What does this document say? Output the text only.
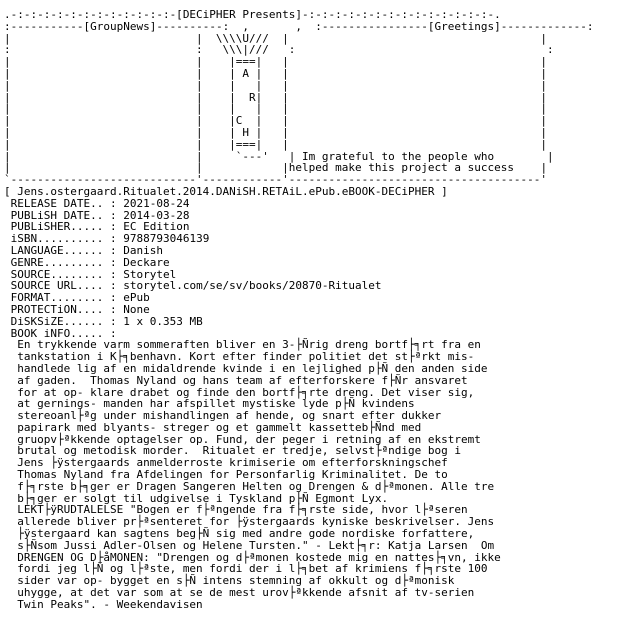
.-:-:-:-:-:-:-:-:-:-:-:-:-[DECiPHER Presents]-:-:-:-:-:-:-:-:-:-:-:-:-:-:-.
:-----------[GroupNews]----------:  ,       ,  :----------------[Greetings]-------------:
|                            |  \\\\U///  |                                      |
:                            :   \\\|///   :                                      :
|                            |    |===|   |                                      |
|                            |    | A |   |                                      |
|                            |    |   |   |                                      |
|                            |    |  R|   |                                      |
|                            |    |   |   |                                      |
|                            |    |C  |   |                                      |
|                            |    | H |   |                                      |
|                            |    |===|   |                                      |
|                            |     `---'   | Im grateful to the people who        |
|                            |            |helped make this project a success    |
`----------------------------'------------'--------------------------------------'
[ Jens.ostergaard.Ritualet.2014.DANiSH.RETAiL.ePub.eBOOK-DECiPHER ]
RELEASE DATE.. : 2021-08-24
PUBLiSH DATE.. : 2014-03-28
PUBLiSHER..... : EC Edition
iSBN.......... : 9788793046139
LANGUAGE...... : Danish
GENRE......... : Deckare
SOURCE........ : Storytel
SOURCE URL.... : storytel.com/se/sv/books/20870-Ritualet
FORMAT........ : ePub
PROTECTiON.... : None
DiSKSiZE...... : 1 x 0.353 MB
BOOK iNFO..... :
En trykkende varm sommeraften bliver en 3-├Ñrig dreng bortf├╕rt fra en
tankstation i K├╕benhavn. Kort efter finder politiet det st├ªrkt mis-
handlede lig af en midaldrende kvinde i en lejlighed p├Ñ den anden side
af gaden.  Thomas Nyland og hans team af efterforskere f├Ñr ansvaret
for at op- klare drabet og finde den bortf├╕rte dreng. Det viser sig,
at gernings- manden har afspillet mystiske lyde p├Ñ kvindens
stereoanl├ªg under mishandlingen af hende, og snart efter dukker
papirark med blyants- streger og et gammelt kassetteb├Ñnd med
gruopv├ªkkende optagelser op. Fund, der peger i retning af en ekstremt
brutal og metodisk morder.  Ritualet er tredje, selvst├ªndige bog i
Jens ├ÿstergaards anmelderroste krimiserie om efterforskningschef
Thomas Nyland fra Afdelingen for Personfarlig Kriminalitet. De to
f├╕rste b├╕ger er Dragen Sangeren Helten og Drengen & d├ªmonen. Alle tre
b├╕ger er solgt til udgivelse i Tyskland p├Ñ Egmont Lyx.
LEKT├ÿRUDTALELSE "Bogen er f├ªngende fra f├╕rste side, hvor l├ªseren
allerede bliver pr├ªsenteret for ├ÿstergaards kyniske beskrivelser. Jens
├ÿstergaard kan sagtens beg├Ñ sig med andre gode nordiske forfattere,
s├Ñsom Jussi Adler-Olsen og Helene Tursten." - Lekt├╕r: Katja Larsen  Om
DRENGEN OG D├åMONEN: "Drengen og d├ªmonen kostede mig en nattes├╕vn, ikke
fordi jeg l├Ñ og l├ªste, men fordi der i l├╕bet af krimiens f├╕rste 100
sider var op- bygget en s├Ñ intens stemning af okkult og d├ªmonisk
uhygge, at det var som at se de mest urov├ªkkende afsnit af tv-serien
Twin Peaks". - Weekendavisen
